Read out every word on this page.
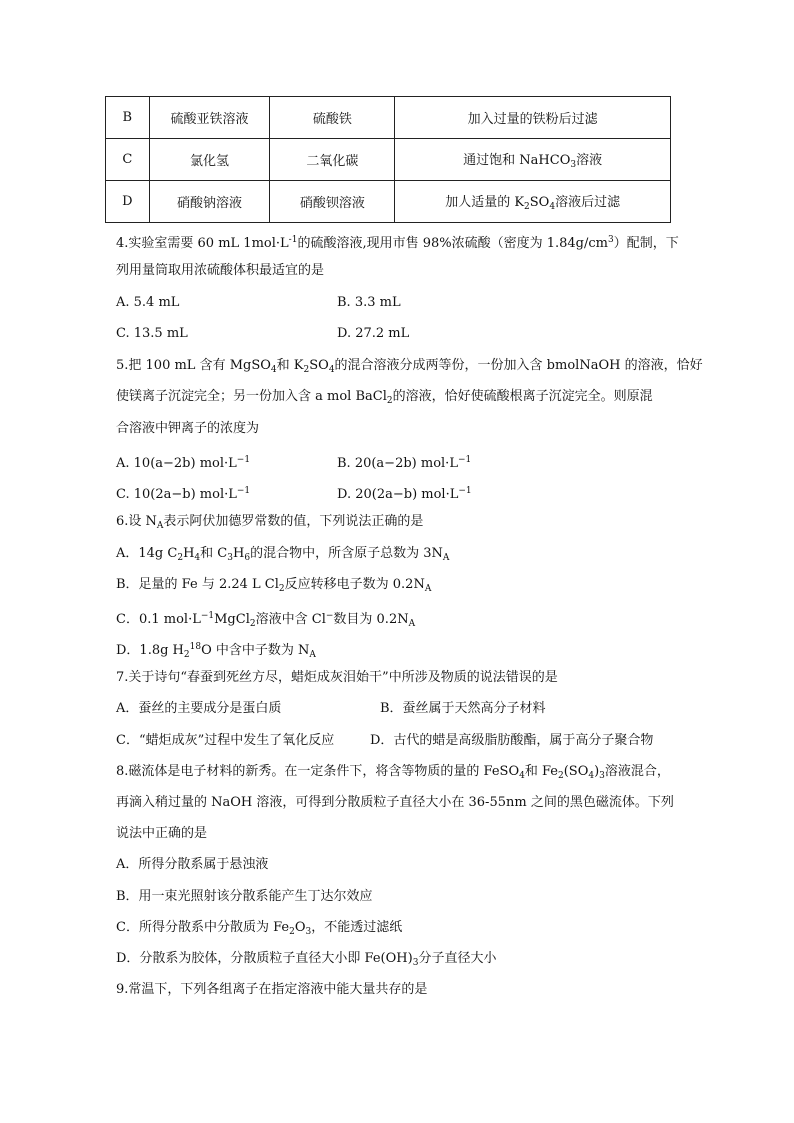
B	硫酸亚铁溶液	硫酸铁	加入过量的铁粉后过滤
C	氯化氢	二氧化碳	通过饱和 NaHCO$_3$溶液
D	硝酸钠溶液	硝酸钡溶液	加人适量的 $K_2SO_4$溶液后过滤
4.实验室需要 60 mL $1mol\cdot L^{-1}$的硫酸溶液,现用市售 98%浓硫酸（密度为 $1.84g/cm^3$）配制，下
列用量筒取用浓硫酸体积最适宜的是
A. 5.4 mL	B. 3.3 mL
C. 13.5 mL	D. 27.2 mL
5.把 100 mL 含有 MgSO$_4$和 $K_2SO_4$的混合溶液分成两等份，一份加入含 bmolNaOH 的溶液，恰好
使镁离子沉淀完全；另一份加入含 a mol BaCl$_2$的溶液，恰好使硫酸根离子沉淀完全。则原混
合溶液中钾离子的浓度为
A. 10(a−2b) $mol\cdot L^{-1}$	B. 20(a−2b) $mol\cdot L^{-1}$
C. 10(2a−b) $mol\cdot L^{-1}$	D. 20(2a−b) $mol\cdot L^{-1}$
6.设 $N_A$表示阿伏加德罗常数的值，下列说法正确的是
A．14g $C_2H_4$和 $C_3H_6$的混合物中，所含原子总数为 $3N_A$
B．足量的 Fe 与 2.24 L $Cl_2$反应转移电子数为 $0.2N_A$
C．0.1 $mol\cdot L^{-1}MgCl_2$溶液中含 Cl−数目为 $0.2N_A$
D．1.8g $H_2^{18}O$ 中含中子数为 $N_A$
7.关于诗句“春蚕到死丝方尽，蜡炬成灰泪始干”中所涉及物质的说法错误的是
A．蚕丝的主要成分是蛋白质	B．蚕丝属于天然高分子材料
C．“蜡炬成灰”过程中发生了氧化反应	D．古代的蜡是高级脂肪酸酯，属于高分子聚合物
8.磁流体是电子材料的新秀。在一定条件下，将含等物质的量的 FeSO$_4$和 $Fe_2(SO_4)_3$溶液混合，
再滴入稍过量的 NaOH 溶液，可得到分散质粒子直径大小在 36-55nm 之间的黑色磁流体。下列
说法中正确的是
A．所得分散系属于悬浊液
B．用一束光照射该分散系能产生丁达尔效应
C．所得分散系中分散质为 $Fe_2O_3$，不能透过滤纸
D．分散系为胶体，分散质粒子直径大小即 $Fe(OH)_3$分子直径大小
9.常温下，下列各组离子在指定溶液中能大量共存的是
